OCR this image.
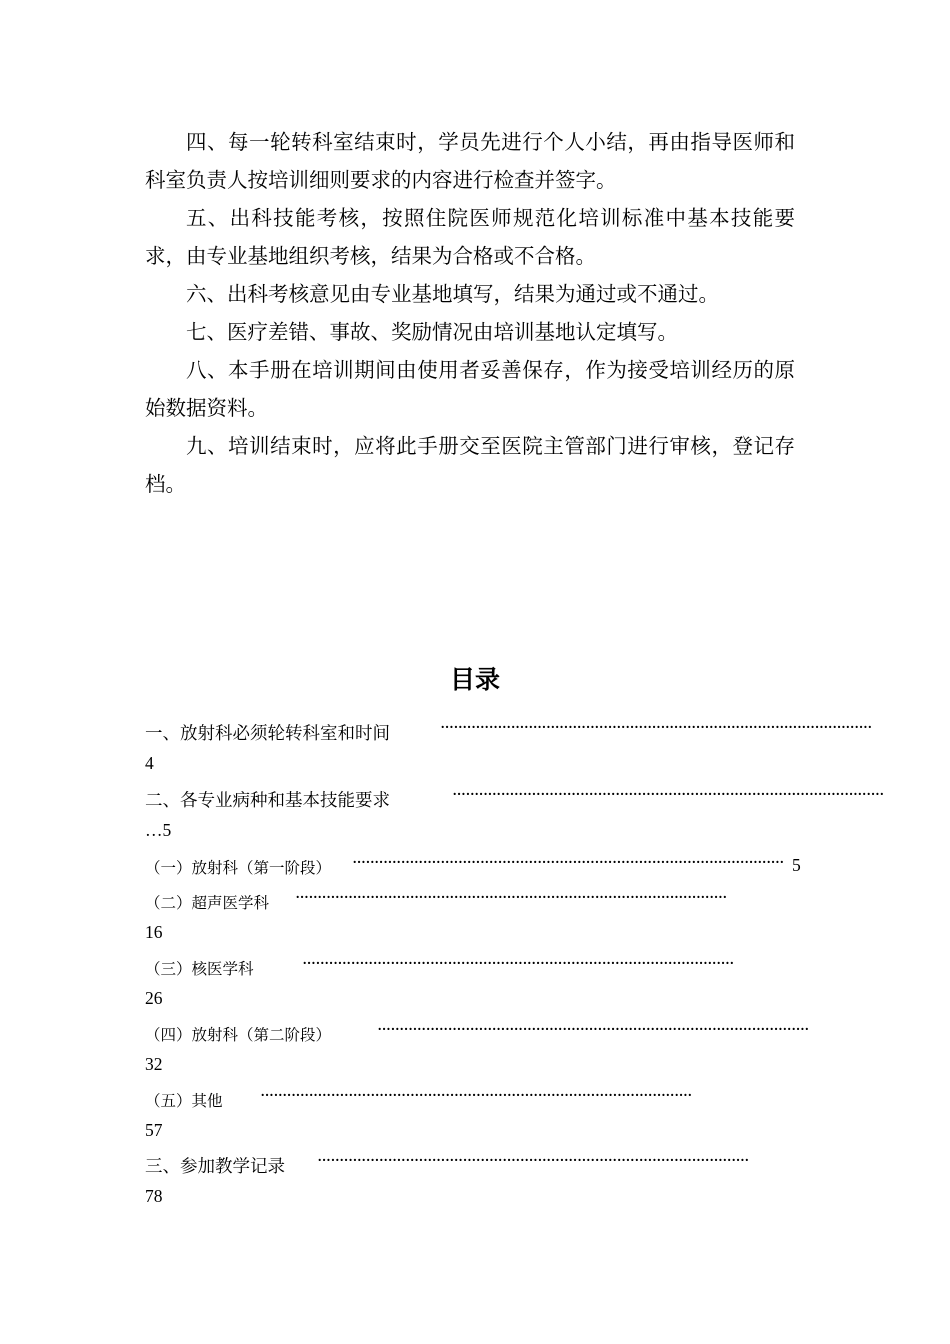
四、每一轮转科室结束时，学员先进行个人小结，再由指导医师和科室负责人按培训细则要求的内容进行检查并签字。

五、出科技能考核，按照住院医师规范化培训标准中基本技能要求，由专业基地组织考核，结果为合格或不合格。

六、出科考核意见由专业基地填写，结果为通过或不通过。

七、医疗差错、事故、奖励情况由培训基地认定填写。

八、本手册在培训期间由使用者妥善保存，作为接受培训经历的原始数据资料。

九、培训结束时，应将此手册交至医院主管部门进行审核，登记存档。

目录
一、放射科必须轮转科室和时间	··································································································
4
二、各专业病种和基本技能要求	··································································································
…5
（一）放射科（第一阶段） ·································································································· 5
（二）超声医学科 ··································································································
16
（三）核医学科	··································································································
26
（四）放射科（第二阶段）	··································································································
32
（五）其他 ··································································································
57
三、参加教学记录 ··································································································
78
